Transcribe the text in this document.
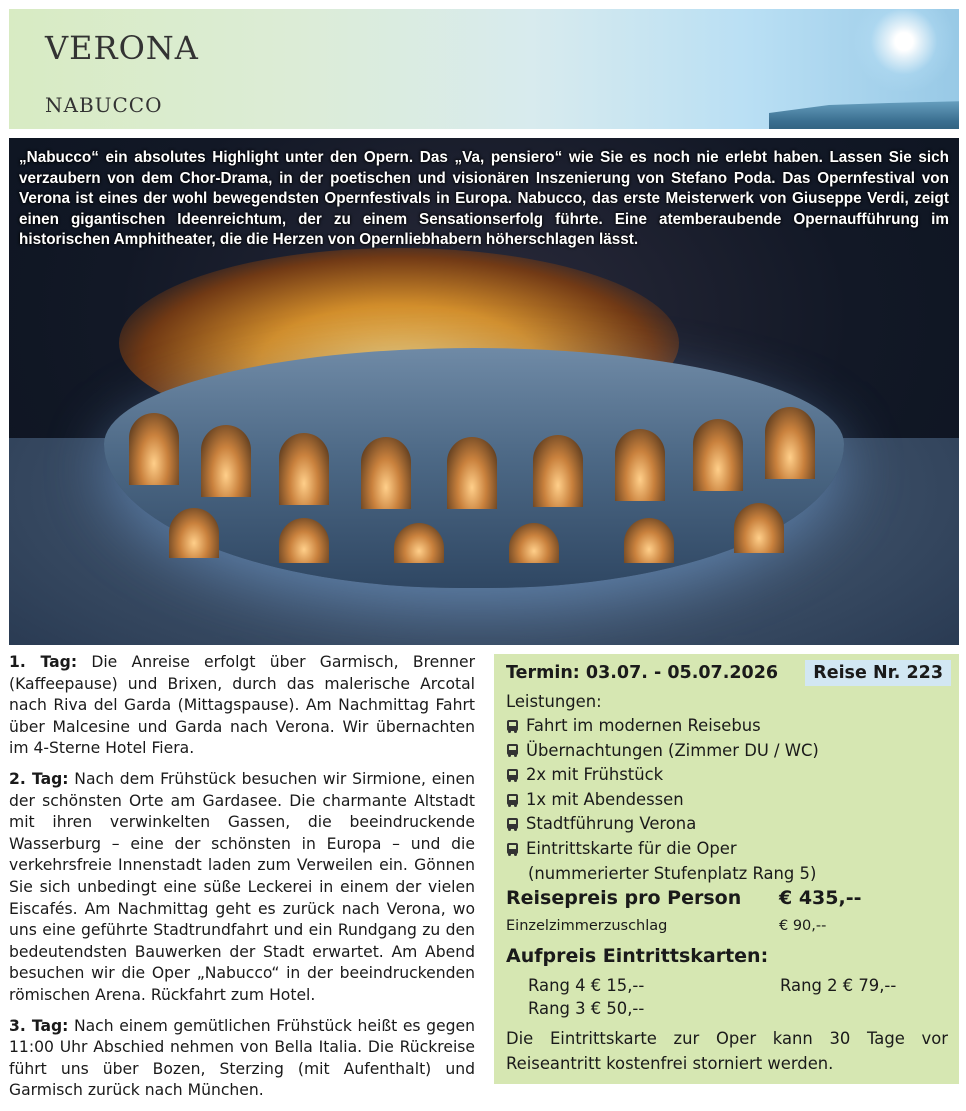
VERONA
NABUCCO
„Nabucco“ ein absolutes Highlight unter den Opern. Das „Va, pensiero“ wie Sie es noch nie erlebt haben. Lassen Sie sich verzaubern von dem Chor-Drama, in der poetischen und visionären Inszenierung von Stefano Poda. Das Opernfestival von Verona ist eines der wohl bewegendsten Opernfestivals in Europa. Nabucco, das erste Meisterwerk von Giuseppe Verdi, zeigt einen gigantischen Ideenreichtum, der zu einem Sensationserfolg führte. Eine atemberaubende Opernaufführung im historischen Amphitheater, die die Herzen von Opernliebhabern höherschlagen lässt.

1. Tag: Die Anreise erfolgt über Garmisch, Brenner (Kaffeepause) und Brixen, durch das malerische Arcotal nach Riva del Garda (Mittagspause). Am Nachmittag Fahrt über Malcesine und Garda nach Verona. Wir übernachten im 4-Sterne Hotel Fiera.

2. Tag: Nach dem Frühstück besuchen wir Sirmione, einen der schönsten Orte am Gardasee. Die charmante Altstadt mit ihren verwinkelten Gassen, die beeindruckende Wasserburg – eine der schönsten in Europa – und die verkehrsfreie Innenstadt laden zum Verweilen ein. Gönnen Sie sich unbedingt eine süße Leckerei in einem der vielen Eiscafés. Am Nachmittag geht es zurück nach Verona, wo uns eine geführte Stadtrundfahrt und ein Rundgang zu den bedeutendsten Bauwerken der Stadt erwartet. Am Abend besuchen wir die Oper „Nabucco“ in der beeindruckenden römischen Arena. Rückfahrt zum Hotel.

3. Tag: Nach einem gemütlichen Frühstück heißt es gegen 11:00 Uhr Abschied nehmen von Bella Italia. Die Rückreise führt uns über Bozen, Sterzing (mit Aufenthalt) und Garmisch zurück nach München.

Termin: 03.07. - 05.07.2026	Reise Nr. 223
Leistungen:
Fahrt im modernen Reisebus
Übernachtungen (Zimmer DU / WC)
2x mit Frühstück
1x mit Abendessen
Stadtführung Verona
Eintrittskarte für die Oper
(nummerierter Stufenplatz Rang 5)
Reisepreis pro Person € 435,--
Einzelzimmerzuschlag	€ 90,--
Aufpreis Eintrittskarten:
Rang 4 € 15,--	Rang 2 € 79,--
Rang 3 € 50,--
Die Eintrittskarte zur Oper kann 30 Tage vor Reiseantritt kostenfrei storniert werden.
